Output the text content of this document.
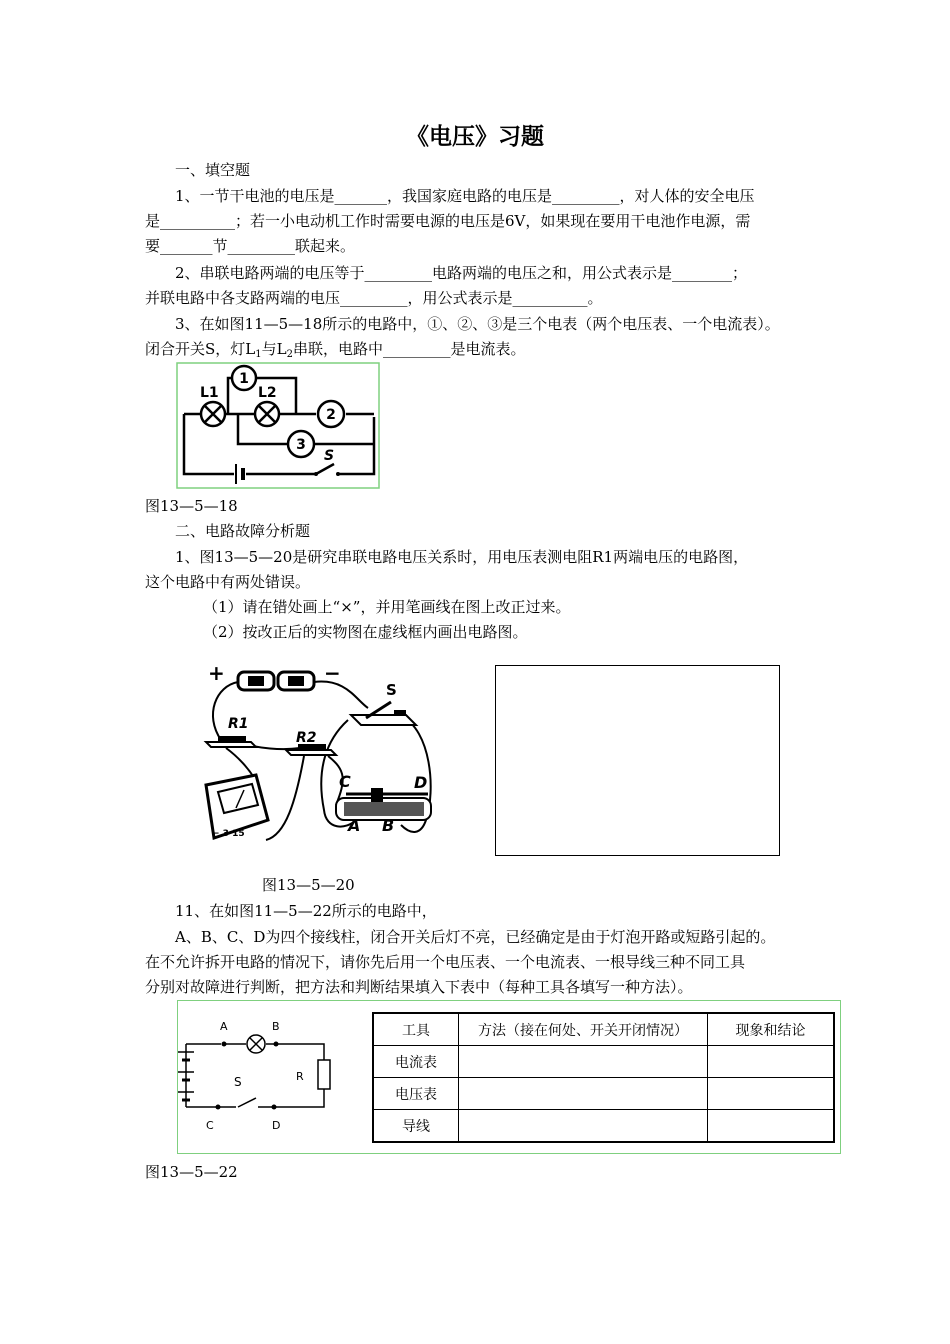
《电压》习题
一、填空题
1、一节干电池的电压是_______，我国家庭电路的电压是_________，对人体的安全电压
是__________；若一小电动机工作时需要电源的电压是6V，如果现在要用干电池作电源，需
要_______节_________联起来。
2、串联电路两端的电压等于_________电路两端的电压之和，用公式表示是________；
并联电路中各支路两端的电压_________，用公式表示是__________。
3、在如图11—5—18所示的电路中，①、②、③是三个电表（两个电压表、一个电流表）。
闭合开关S，灯$L_1$与$L_2$串联，电路中_________是电流表。
L1	L2
1
2
3
S
图13—5—18
二、电路故障分析题
1、图13—5—20是研究串联电路电压关系时，用电压表测电阻R1两端电压的电路图，
这个电路中有两处错误。
（1）请在错处画上“×”，并用笔画线在图上改正过来。
（2）按改正后的实物图在虚线框内画出电路图。
+	−
S
R1
R2
− 3 15
C	D
A B
图13—5—20
11、在如图11—5—22所示的电路中，
A、B、C、D为四个接线柱，闭合开关后灯不亮，已经确定是由于灯泡开路或短路引起的。
在不允许拆开电路的情况下，请你先后用一个电压表、一个电流表、一根导线三种不同工具
分别对故障进行判断，把方法和判断结果填入下表中（每种工具各填写一种方法）。
A	B
C	D
S	R
工具	方法（接在何处、开关开闭情况）	现象和结论
电流表		
电压表		
导线		
图13—5—22
